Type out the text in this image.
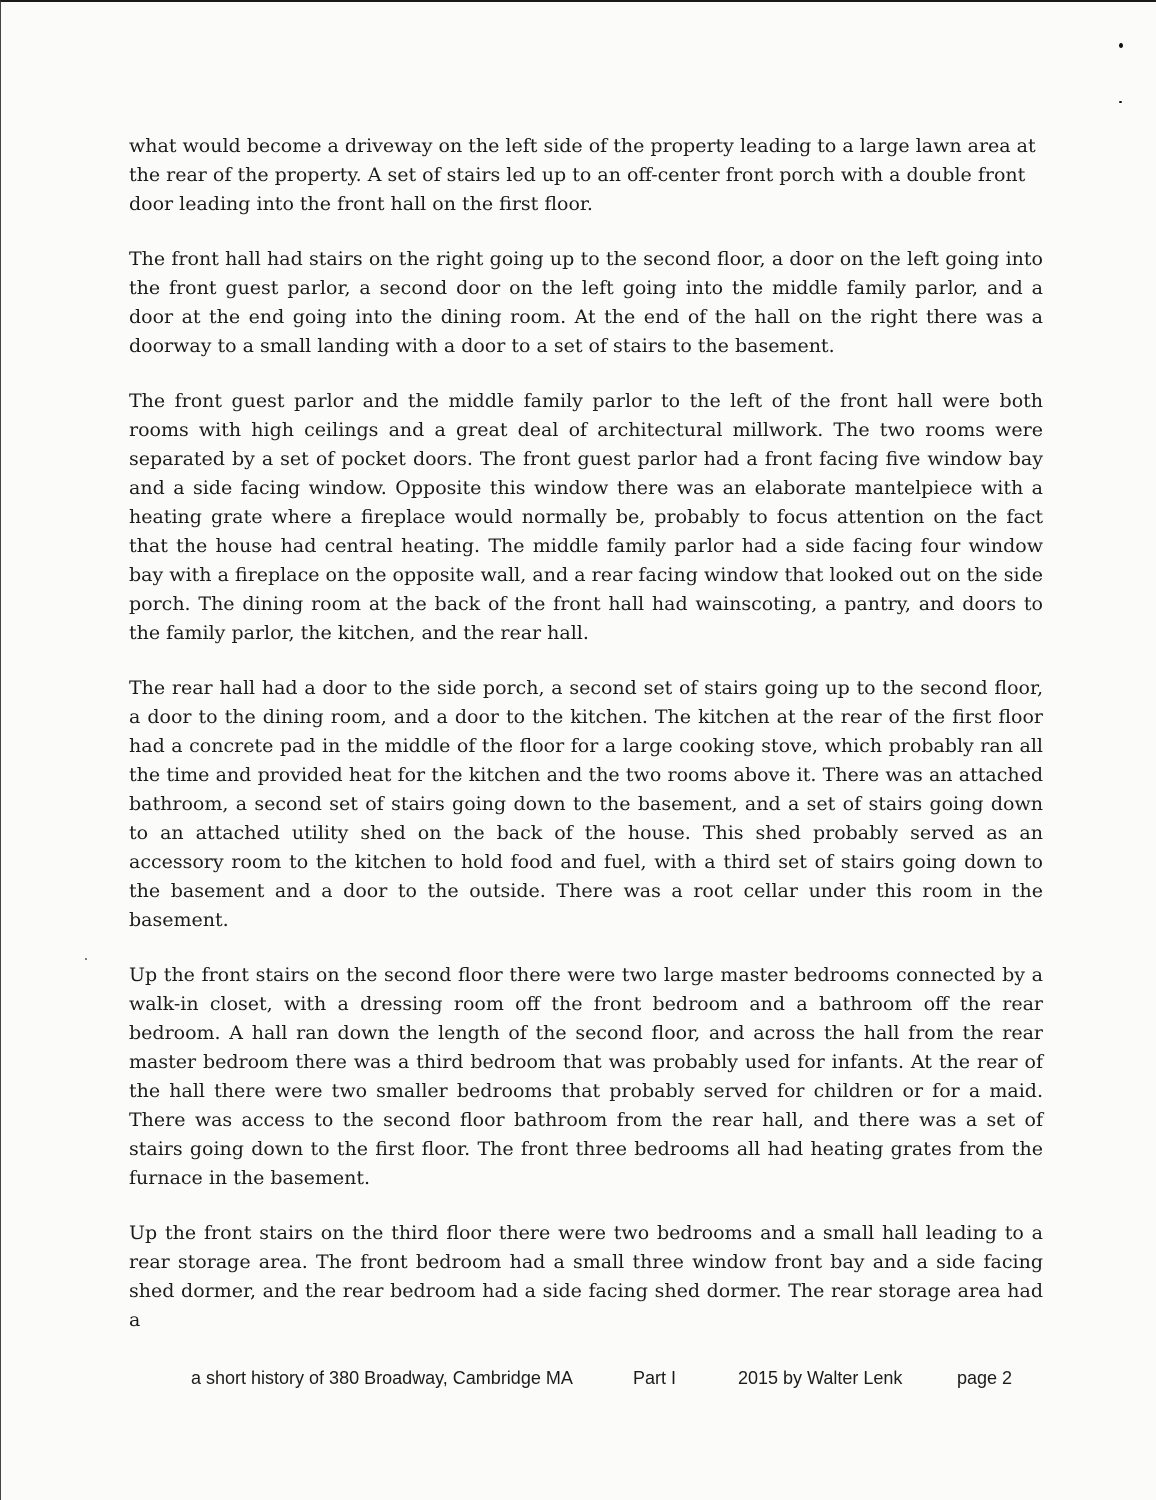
what would become a driveway on the left side of the property leading to a large lawn area at the rear of the property. A set of stairs led up to an off-center front porch with a double front door leading into the front hall on the first floor.

The front hall had stairs on the right going up to the second floor, a door on the left going into the front guest parlor, a second door on the left going into the middle family parlor, and a door at the end going into the dining room. At the end of the hall on the right there was a doorway to a small landing with a door to a set of stairs to the basement.

The front guest parlor and the middle family parlor to the left of the front hall were both rooms with high ceilings and a great deal of architectural millwork. The two rooms were separated by a set of pocket doors. The front guest parlor had a front facing five window bay and a side facing window. Opposite this window there was an elaborate mantelpiece with a heating grate where a fireplace would normally be, probably to focus attention on the fact that the house had central heating. The middle family parlor had a side facing four window bay with a fireplace on the opposite wall, and a rear facing window that looked out on the side porch. The dining room at the back of the front hall had wainscoting, a pantry, and doors to the family parlor, the kitchen, and the rear hall.

The rear hall had a door to the side porch, a second set of stairs going up to the second floor, a door to the dining room, and a door to the kitchen. The kitchen at the rear of the first floor had a concrete pad in the middle of the floor for a large cooking stove, which probably ran all the time and provided heat for the kitchen and the two rooms above it. There was an attached bathroom, a second set of stairs going down to the basement, and a set of stairs going down to an attached utility shed on the back of the house. This shed probably served as an accessory room to the kitchen to hold food and fuel, with a third set of stairs going down to the basement and a door to the outside. There was a root cellar under this room in the basement.

Up the front stairs on the second floor there were two large master bedrooms connected by a walk-in closet, with a dressing room off the front bedroom and a bathroom off the rear bedroom. A hall ran down the length of the second floor, and across the hall from the rear master bedroom there was a third bedroom that was probably used for infants. At the rear of the hall there were two smaller bedrooms that probably served for children or for a maid. There was access to the second floor bathroom from the rear hall, and there was a set of stairs going down to the first floor. The front three bedrooms all had heating grates from the furnace in the basement.

Up the front stairs on the third floor there were two bedrooms and a small hall leading to a rear storage area. The front bedroom had a small three window front bay and a side facing shed dormer, and the rear bedroom had a side facing shed dormer. The rear storage area had a

a short history of 380 Broadway, Cambridge MA	Part I	2015 by Walter Lenk	page 2
